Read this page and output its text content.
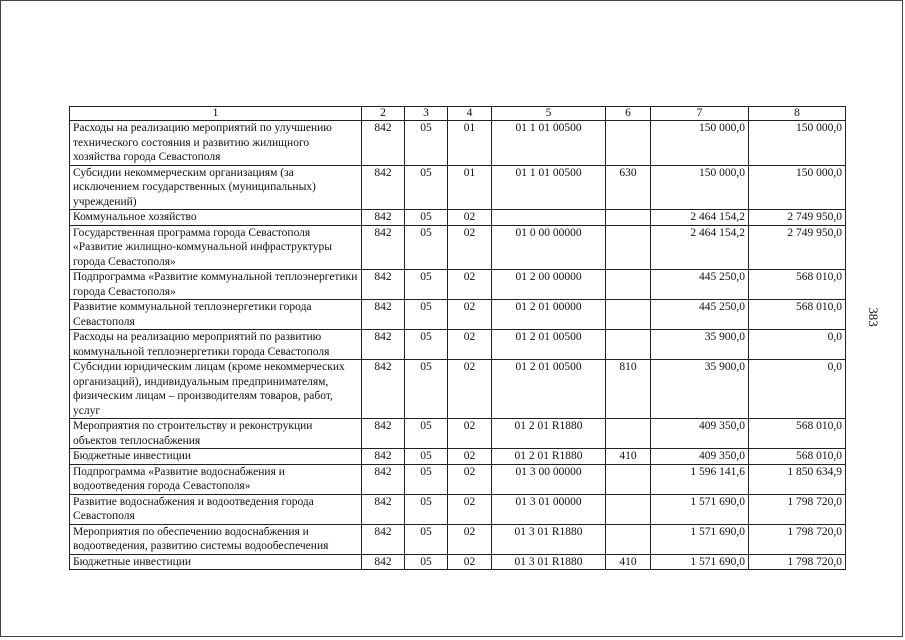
383
1	2	3	4	5	6	7	8
Расходы на реализацию мероприятий по улучшению технического состояния и развитию жилищного хозяйства города Севастополя	842	05	01	01 1 01 00500		150 000,0	150 000,0
Субсидии некоммерческим организациям (за исключением государственных (муниципальных) учреждений)	842	05	01	01 1 01 00500	630	150 000,0	150 000,0
Коммунальное хозяйство	842	05	02			2 464 154,2	2 749 950,0
Государственная программа города Севастополя «Развитие жилищно-коммунальной инфраструктуры города Севастополя»	842	05	02	01 0 00 00000		2 464 154,2	2 749 950,0
Подпрограмма «Развитие коммунальной теплоэнергетики города Севастополя»	842	05	02	01 2 00 00000		445 250,0	568 010,0
Развитие коммунальной теплоэнергетики города Севастополя	842	05	02	01 2 01 00000		445 250,0	568 010,0
Расходы на реализацию мероприятий по развитию коммунальной теплоэнергетики города Севастополя	842	05	02	01 2 01 00500		35 900,0	0,0
Субсидии юридическим лицам (кроме некоммерческих организаций), индивидуальным предпринимателям, физическим лицам – производителям товаров, работ, услуг	842	05	02	01 2 01 00500	810	35 900,0	0,0
Мероприятия по строительству и реконструкции объектов теплоснабжения	842	05	02	01 2 01 R1880		409 350,0	568 010,0
Бюджетные инвестиции	842	05	02	01 2 01 R1880	410	409 350,0	568 010,0
Подпрограмма «Развитие водоснабжения и водоотведения города Севастополя»	842	05	02	01 3 00 00000		1 596 141,6	1 850 634,9
Развитие водоснабжения и водоотведения города Севастополя	842	05	02	01 3 01 00000		1 571 690,0	1 798 720,0
Мероприятия по обеспечению водоснабжения и водоотведения, развитию системы водообеспечения	842	05	02	01 3 01 R1880		1 571 690,0	1 798 720,0
Бюджетные инвестиции	842	05	02	01 3 01 R1880	410	1 571 690,0	1 798 720,0
